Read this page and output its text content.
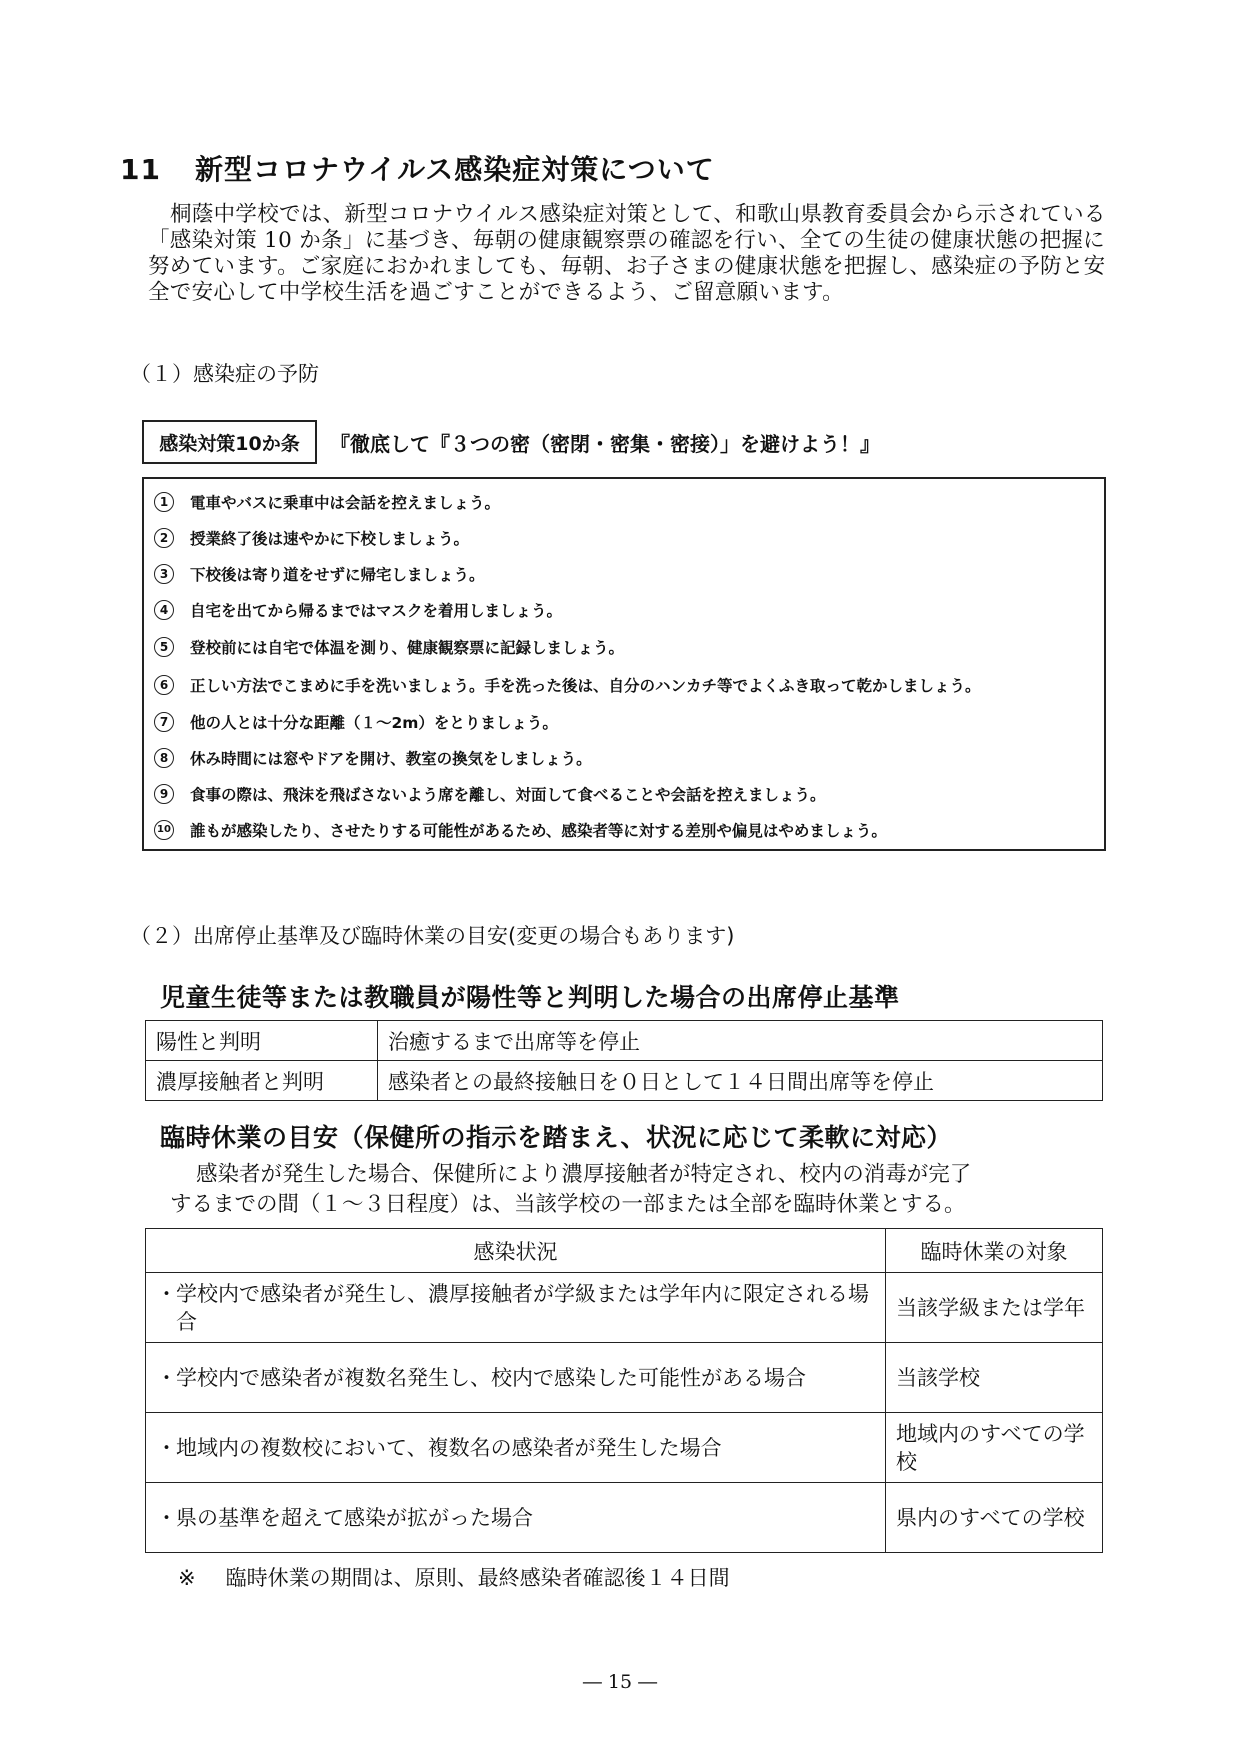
11 新型コロナウイルス感染症対策について

桐蔭中学校では、新型コロナウイルス感染症対策として、和歌山県教育委員会から示されている「感染対策 10 か条」に基づき、毎朝の健康観察票の確認を行い、全ての生徒の健康状態の把握に努めています。ご家庭におかれましても、毎朝、お子さまの健康状態を把握し、感染症の予防と安全で安心して中学校生活を過ごすことができるよう、ご留意願います。

（１）感染症の予防
感染対策10か条	『徹底して『３つの密（密閉・密集・密接）」を避けよう！』
1	電車やバスに乗車中は会話を控えましょう。
2	授業終了後は速やかに下校しましょう。
3	下校後は寄り道をせずに帰宅しましょう。
4	自宅を出てから帰るまではマスクを着用しましょう。
5	登校前には自宅で体温を測り、健康観察票に記録しましょう。
6	正しい方法でこまめに手を洗いましょう。手を洗った後は、自分のハンカチ等でよくふき取って乾かしましょう。
7	他の人とは十分な距離（１～2m）をとりましょう。
8	休み時間には窓やドアを開け、教室の換気をしましょう。
9	食事の際は、飛沫を飛ばさないよう席を離し、対面して食べることや会話を控えましょう。
10 誰もが感染したり、させたりする可能性があるため、感染者等に対する差別や偏見はやめましょう。
（２）出席停止基準及び臨時休業の目安(変更の場合もあります)
児童生徒等または教職員が陽性等と判明した場合の出席停止基準
陽性と判明	治癒するまで出席等を停止
濃厚接触者と判明	感染者との最終接触日を０日として１４日間出席等を停止
臨時休業の目安（保健所の指示を踏まえ、状況に応じて柔軟に対応）

感染者が発生した場合、保健所により濃厚接触者が特定され、校内の消毒が完了

するまでの間（１～３日程度）は、当該学校の一部または全部を臨時休業とする。

感染状況	臨時休業の対象

・ 学校内で感染者が発生し、濃厚接触者が学級または学年内に限定される場合	当該学級または学年

・ 学校内で感染者が複数名発生し、校内で感染した可能性がある場合	当該学校

・ 地域内の複数校において、複数名の感染者が発生した場合	地域内のすべての学校

・ 県の基準を超えて感染が拡がった場合	県内のすべての学校
※ 臨時休業の期間は、原則、最終感染者確認後１４日間
― 15 ―
